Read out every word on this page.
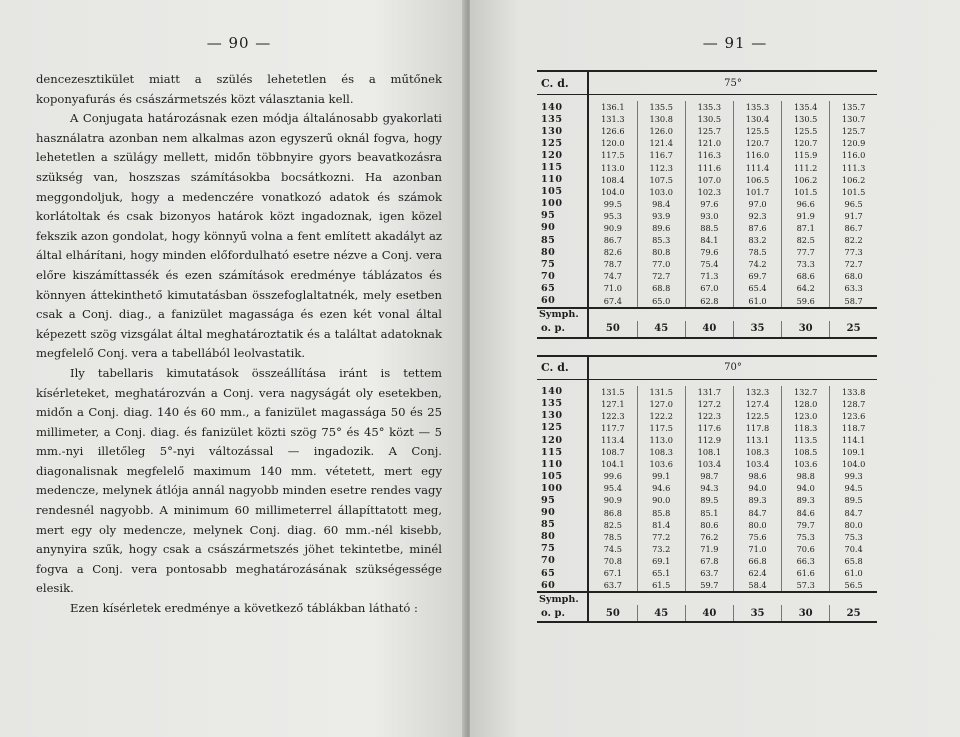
— 90 —

dencezesztikület miatt a szülés lehetetlen és a műtőnek koponyafurás és császármetszés közt választania kell.

A Conjugata határozásnak ezen módja általánosabb gyakorlati használatra azonban nem alkalmas azon egyszerű oknál fogva, hogy lehetetlen a szülágy mellett, midőn többnyire gyors beavatkozásra szükség van, hoszszas számításokba bocsátkozni. Ha azonban meggondoljuk, hogy a medenczére vonatkozó adatok és számok korlátoltak és csak bizonyos határok közt ingadoznak, igen közel fekszik azon gondolat, hogy könnyű volna a fent említett akadályt az által elhárítani, hogy minden előfordulható esetre nézve a Conj. vera előre kiszámíttassék és ezen számítások eredménye táblázatos és könnyen áttekinthető kimutatásban összefoglaltatnék, mely esetben csak a Conj. diag., a fanizület magassága és ezen két vonal által képezett szög vizsgálat által meghatároztatik és a találtat adatoknak megfelelő Conj. vera a tabellából leolvastatik.

Ily tabellaris kimutatások összeállítása iránt is tettem kísérleteket, meghatározván a Conj. vera nagyságát oly esetekben, midőn a Conj. diag. 140 és 60 mm., a fanizület magassága 50 és 25 millimeter, a Conj. diag. és fanizület közti szög 75° és 45° közt — 5 mm.-nyi illetőleg 5°-nyi változással — ingadozik. A Conj. diagonalisnak megfelelő maximum 140 mm. vétetett, mert egy medencze, melynek átlója annál nagyobb minden esetre rendes vagy rendesnél nagyobb. A minimum 60 millimeterrel állapíttatott meg, mert egy oly medencze, melynek Conj. diag. 60 mm.-nél kisebb, anynyira szűk, hogy csak a császármetszés jöhet tekintetbe, minél fogva a Conj. vera pontosabb meghatározásának szükségessége elesik.

Ezen kísérletek eredménye a következő táblákban látható :

— 91 —
C. d.	75°					

140	136.1	135.5	135.3	135.3	135.4	135.7
135	131.3	130.8	130.5	130.4	130.5	130.7
130	126.6	126.0	125.7	125.5	125.5	125.7
125	120.0	121.4	121.0	120.7	120.7	120.9
120	117.5	116.7	116.3	116.0	115.9	116.0
115	113.0	112.3	111.6	111.4	111.2	111.3
110	108.4	107.5	107.0	106.5	106.2	106.2
105	104.0	103.0	102.3	101.7	101.5	101.5
100	99.5	98.4	97.6	97.0	96.6	96.5
95	95.3	93.9	93.0	92.3	91.9	91.7
90	90.9	89.6	88.5	87.6	87.1	86.7
85	86.7	85.3	84.1	83.2	82.5	82.2
80	82.6	80.8	79.6	78.5	77.7	77.3
75	78.7	77.0	75.4	74.2	73.3	72.7
70	74.7	72.7	71.3	69.7	68.6	68.0
65	71.0	68.8	67.0	65.4	64.2	63.3
60	67.4	65.0	62.8	61.0	59.6	58.7
Symph.						
o. p.	50	45	40	35	30	25
C. d.	70°					

140	131.5	131.5	131.7	132.3	132.7	133.8
135	127.1	127.0	127.2	127.4	128.0	128.7
130	122.3	122.2	122.3	122.5	123.0	123.6
125	117.7	117.5	117.6	117.8	118.3	118.7
120	113.4	113.0	112.9	113.1	113.5	114.1
115	108.7	108.3	108.1	108.3	108.5	109.1
110	104.1	103.6	103.4	103.4	103.6	104.0
105	99.6	99.1	98.7	98.6	98.8	99.3
100	95.4	94.6	94.3	94.0	94.0	94.5
95	90.9	90.0	89.5	89.3	89.3	89.5
90	86.8	85.8	85.1	84.7	84.6	84.7
85	82.5	81.4	80.6	80.0	79.7	80.0
80	78.5	77.2	76.2	75.6	75.3	75.3
75	74.5	73.2	71.9	71.0	70.6	70.4
70	70.8	69.1	67.8	66.8	66.3	65.8
65	67.1	65.1	63.7	62.4	61.6	61.0
60	63.7	61.5	59.7	58.4	57.3	56.5
Symph.						
o. p.	50	45	40	35	30	25
